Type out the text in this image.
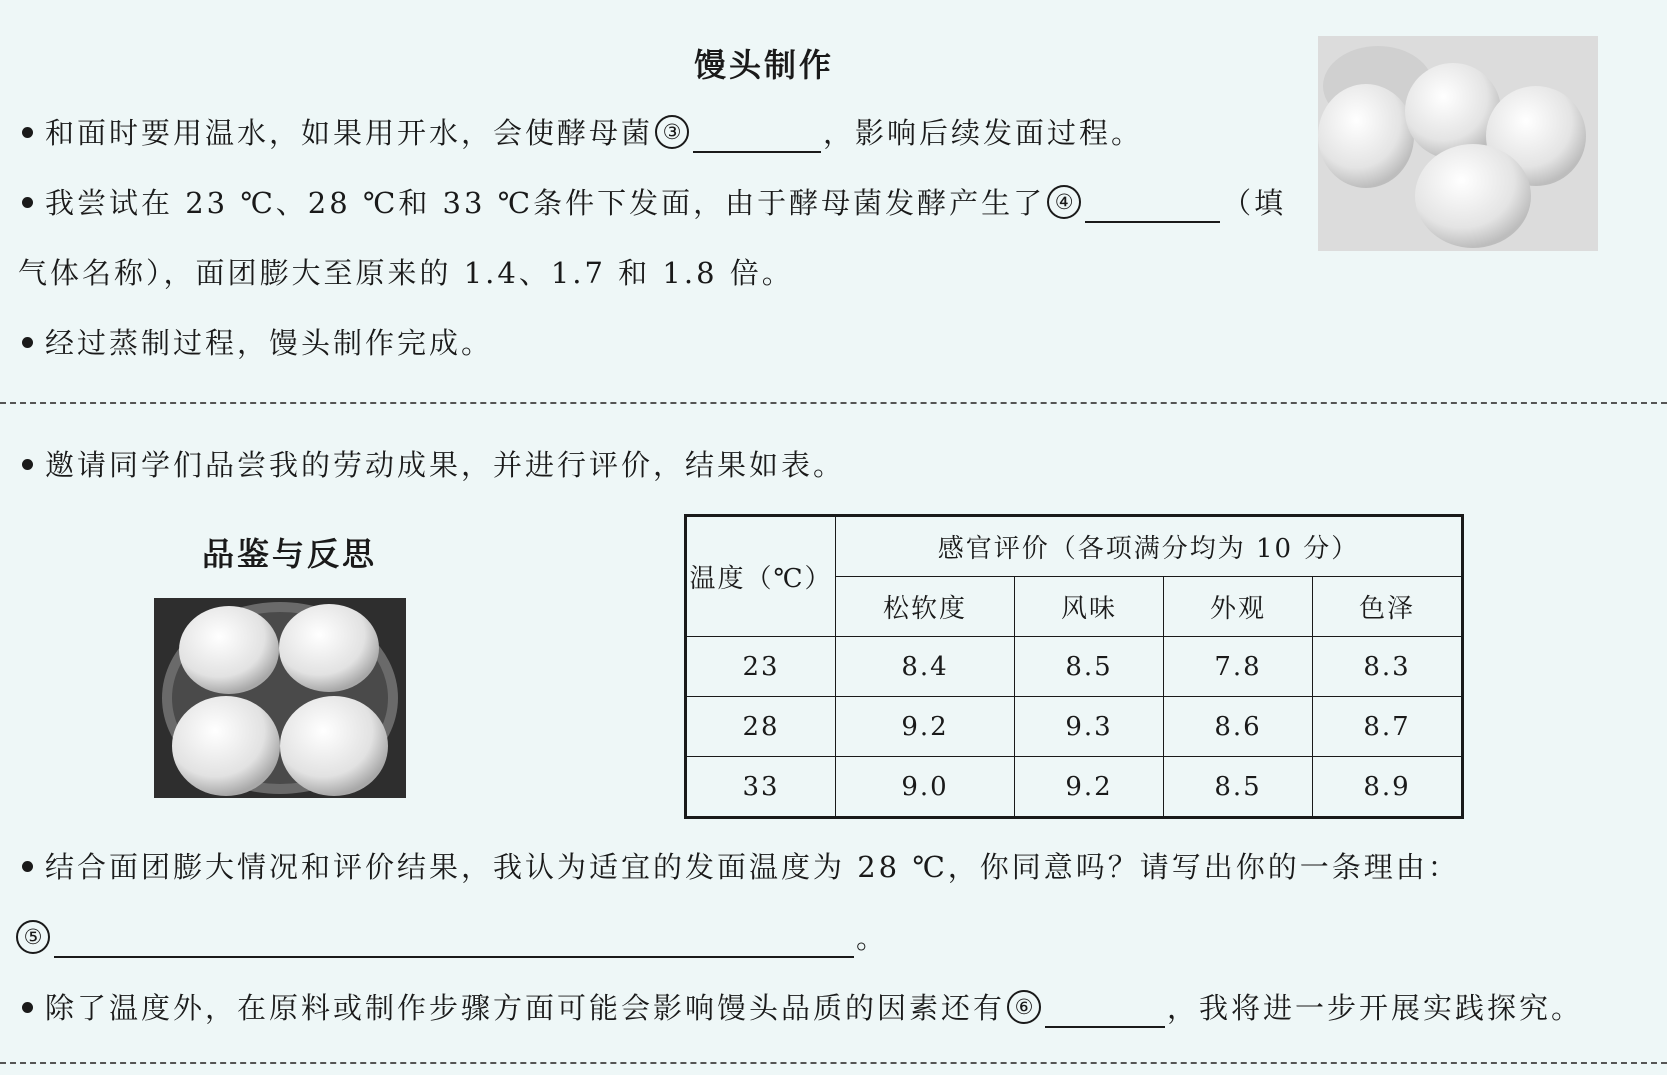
馒头制作
和面时要用温水，如果用开水，会使酵母菌 ③	，影响后续发面过程。
我尝试在 23 ℃、28 ℃和 33 ℃条件下发面，由于酵母菌发酵产生了 ④	（填
气体名称），面团膨大至原来的 1.4、1.7 和 1.8 倍。
经过蒸制过程，馒头制作完成。
邀请同学们品尝我的劳动成果，并进行评价，结果如表。
品鉴与反思
温度（℃）	感官评价（各项满分均为 10 分）			
	松软度	风味	外观	色泽
23	8.4	8.5	7.8	8.3
28	9.2	9.3	8.6	8.7
33	9.0	9.2	8.5	8.9
结合面团膨大情况和评价结果，我认为适宜的发面温度为 28 ℃，你同意吗？请写出你的一条理由：
⑤	。
除了温度外，在原料或制作步骤方面可能会影响馒头品质的因素还有 ⑥	，我将进一步开展实践探究。
